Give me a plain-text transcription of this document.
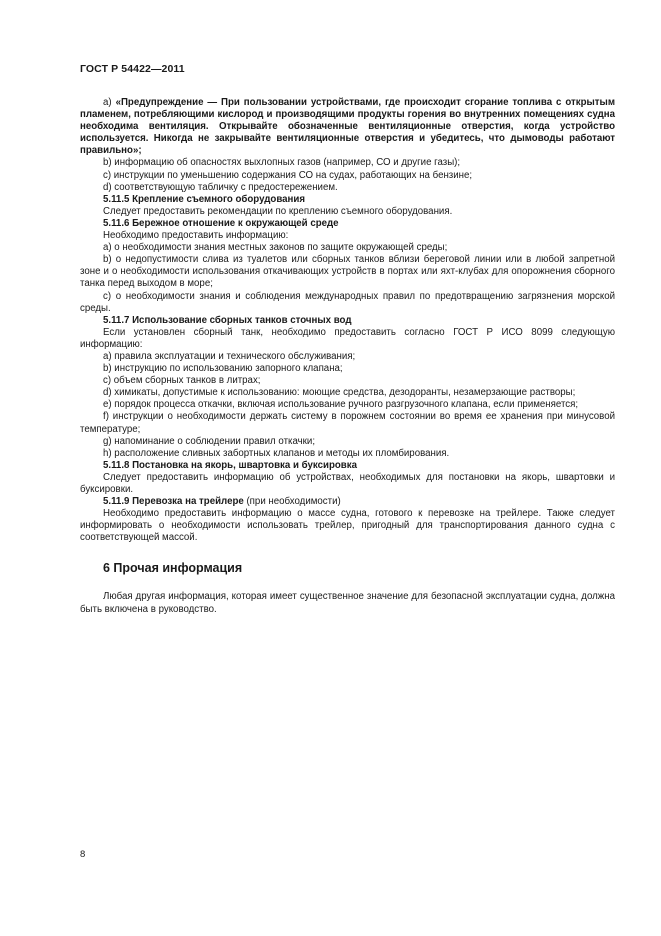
ГОСТ Р 54422—2011

a) «Предупреждение — При пользовании устройствами, где происходит сгорание топлива с открытым пламенем, потребляющими кислород и производящими продукты горения во внутренних помещениях судна необходима вентиляция. Открывайте обозначенные вентиляционные отверстия, когда устройство используется. Никогда не закрывайте вентиляционные отверстия и убедитесь, что дымоводы работают правильно»;

b) информацию об опасностях выхлопных газов (например, СО и другие газы);

c) инструкции по уменьшению содержания СО на судах, работающих на бензине;

d) соответствующую табличку с предостережением.

5.11.5 Крепление съемного оборудования

Следует предоставить рекомендации по креплению съемного оборудования.

5.11.6 Бережное отношение к окружающей среде

Необходимо предоставить информацию:

a) о необходимости знания местных законов по защите окружающей среды;

b) о недопустимости слива из туалетов или сборных танков вблизи береговой линии или в любой запретной зоне и о необходимости использования откачивающих устройств в портах или яхт-клубах для опорожнения сборного танка перед выходом в море;

c) о необходимости знания и соблюдения международных правил по предотвращению загрязнения морской среды.

5.11.7 Использование сборных танков сточных вод

Если установлен сборный танк, необходимо предоставить согласно ГОСТ Р ИСО 8099 следующую информацию:

a) правила эксплуатации и технического обслуживания;

b) инструкцию по использованию запорного клапана;

c) объем сборных танков в литрах;

d) химикаты, допустимые к использованию: моющие средства, дезодоранты, незамерзающие растворы;

e) порядок процесса откачки, включая использование ручного разгрузочного клапана, если применяется;

f) инструкции о необходимости держать систему в порожнем состоянии во время ее хранения при минусовой температуре;

g) напоминание о соблюдении правил откачки;

h) расположение сливных забортных клапанов и методы их пломбирования.

5.11.8 Постановка на якорь, швартовка и буксировка

Следует предоставить информацию об устройствах, необходимых для постановки на якорь, швартовки и буксировки.

5.11.9 Перевозка на трейлере (при необходимости)

Необходимо предоставить информацию о массе судна, готового к перевозке на трейлере. Также следует информировать о необходимости использовать трейлер, пригодный для транспортирования данного судна с соответствующей массой.

6 Прочая информация

Любая другая информация, которая имеет существенное значение для безопасной эксплуатации судна, должна быть включена в руководство.

8
